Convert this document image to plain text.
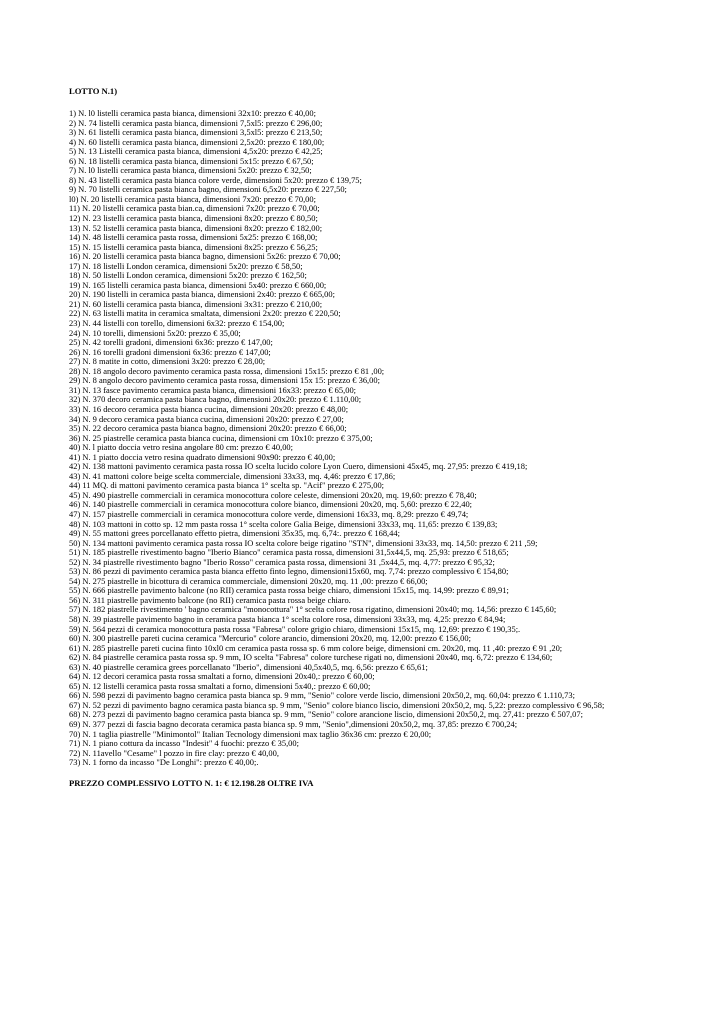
LOTTO N.1)
1) N. l0 listelli ceramica pasta bianca, dimensioni 32x10: prezzo € 40,00;
2) N. 74 listelli ceramica pasta bianca, dimensioni 7,5xl5: prezzo € 296,00;
3) N. 61 listelli ceramica pasta bianca, dimensioni 3,5xl5: prezzo € 213,50;
4) N. 60 listelli ceramica pasta bianca, dimensioni 2,5x20: prezzo € 180,00;
5) N. 13 Listelli ceramica pasta bianca, dimensioni 4,5x20: prezzo € 42,25;
6) N. 18 listelli ceramica pasta bianca, dimensioni 5x15: prezzo € 67,50;
7) N. l0 listelli ceramica pasta bianca, dimensioni 5x20: prezzo € 32,50;
8) N. 43 listelli ceramica pasta bianca colore verde, dimensioni 5x20: prezzo € 139,75;
9) N. 70 listelli ceramica pasta bianca bagno, dimensioni 6,5x20: prezzo € 227,50;
l0) N. 20 listelli ceramica pasta bianca, dimensioni 7x20: prezzo € 70,00;
11) N. 20 listelli ceramica pasta bian.ca, dimensioni 7x20: prezzo € 70,00;
12) N. 23 listelli ceramica pasta bianca, dimensioni 8x20: prezzo € 80,50;
13) N. 52 listelli ceramica pasta bianca, dimensioni 8x20: prezzo € 182,00;
14) N. 48 listelli ceramica pasta rossa, dimensioni 5x25: prezzo € 168,00;
15) N. 15 listelli ceramica pasta bianca, dimensioni 8x25: prezzo € 56,25;
16) N. 20 listelli ceramica pasta bianca bagno, dimensioni 5x26: prezzo € 70,00;
17) N. 18 listelli London ceramica, dimensioni 5x20: prezzo € 58,50;
18) N. 50 listelli London ceramica, dimensioni 5x20: prezzo € 162,50;
19) N. 165 listelli ceramica pasta bianca, dimensioni 5x40: prezzo € 660,00;
20) N. 190 listelli in ceramica pasta bianca, dimensioni 2x40: prezzo € 665,00;
21) N. 60 listelli ceramica pasta bianca, dimensioni 3x31: prezzo € 210,00;
22) N. 63 listelli matita in ceramica smaltata, dimensioni 2x20: prezzo € 220,50;
23) N. 44 listelli con torello, dimensioni 6x32: prezzo € 154,00;
24) N. 10 torelli, dimensioni 5x20: prezzo € 35,00;
25) N. 42 torelli gradoni, dimensioni 6x36: prezzo € 147,00;
26) N. 16 torelli gradoni dimensioni 6x36: prezzo € 147,00;
27) N. 8 matite in cotto, dimensioni 3x20: prezzo € 28,00;
28) N. 18 angolo decoro pavimento ceramica pasta rossa, dimensioni 15x15: prezzo € 81 ,00;
29) N. 8 angolo decoro pavimento ceramica pasta rossa, dimensioni 15x 15: prezzo € 36,00;
31) N. 13 fasce pavimento ceramica pasta bianca, dimensioni 16x33: prezzo € 65,00;
32) N. 370 decoro ceramica pasta bianca bagno, dimensioni 20x20: prezzo € 1.110,00;
33) N. 16 decoro ceramica pasta bianca cucina, dimensioni 20x20: prezzo € 48,00;
34) N. 9 decoro ceramica pasta bianca cucina, dimensioni 20x20: prezzo € 27,00;
35) N. 22 decoro ceramica pasta bianca bagno, dimensioni 20x20: prezzo € 66,00;
36) N. 25 piastrelle ceramica pasta bianca cucina, dimensioni cm 10x10: prezzo € 375,00;
40) N. l piatto doccia vetro resina angolare 80 cm: prezzo € 40,00;
41) N. 1 piatto doccia vetro resina quadrato dimensioni 90x90: prezzo € 40,00;
42) N. 138 mattoni pavimento ceramica pasta rossa IO scelta lucido colore Lyon Cuero, dimensioni 45x45, mq. 27,95: prezzo € 419,18;
43) N. 41 mattoni colore beige scelta commerciale, dimensioni 33x33, mq. 4,46: prezzo € 17,86;
44) 11 MQ. di mattoni pavimento ceramica pasta bianca 1° scelta sp. "Acif" prezzo € 275,00;
45) N. 490 piastrelle commerciali in ceramica monocottura colore celeste, dimensioni 20x20, mq. 19,60: prezzo € 78,40;
46) N. 140 piastrelle commerciali in ceramica monocottura colore bianco, dimensioni 20x20, mq. 5,60: prezzo € 22,40;
47) N. 157 piastrelle commerciali in ceramica monocottura colore verde, dimensioni 16x33, mq. 8,29: prezzo € 49,74;
48) N. 103 mattoni in cotto sp. 12 mm pasta rossa 1° scelta colore Galia Beige, dimensioni 33x33, mq. 11,65: prezzo € 139,83;
49) N. 55 mattoni grees porcellanato effetto pietra, dimensioni 35x35, mq. 6,74:. prezzo € 168,44;
50) N. 134 mattoni pavimento ceramica pasta rossa IO scelta colore beige rigatino "STN", dimensioni 33x33, mq. 14,50: prezzo € 211 ,59;
51) N. 185 piastrelle rivestimento bagno "Iberio Bianco" ceramica pasta rossa, dimensioni 31,5x44,5, mq. 25,93: prezzo € 518,65;
52) N. 34 piastrelle rivestimento bagno "Iberio Rosso" ceramica pasta rossa, dimensioni 31 ,5x44,5, mq. 4,77: prezzo € 95,32;
53) N. 86 pezzi di pavimento ceramica pasta bianca effetto finto legno, dimensioni15x60, mq. 7,74: prezzo complessivo € 154,80;
54) N. 275 piastrelle in bicottura di ceramica commerciale, dimensioni 20x20, mq. 11 ,00: prezzo € 66,00;
55) N. 666 piastrelle pavimento balcone (no RII) ceramica pasta rossa beige chiaro, dimensioni 15x15, mq. 14,99: prezzo € 89,91;
56) N. 311 piastrelle pavimento balcone (no RII) ceramica pasta rossa beige chiaro.
57) N. 182 piastrelle rivestimento ' bagno ceramica "monocottura" 1° scelta colore rosa rigatino, dimensioni 20x40; mq. 14,56: prezzo € 145,60;
58) N. 39 piastrelle pavimento bagno in ceramica pasta bianca 1° scelta colore rosa, dimensioni 33x33, mq. 4,25: prezzo € 84,94;
59) N. 564 pezzi di ceramica monocottura pasta rossa "Fabresa" colore grigio chiaro, dimensioni 15x15, mq. 12,69: prezzo € 190,35;.
60) N. 300 piastrelle pareti cucina ceramica "Mercurio" colore arancio, dimensioni 20x20, mq. 12,00: prezzo € 156,00;
61) N. 285 piastrelle pareti cucina finto 10xl0 cm ceramica pasta rossa sp. 6 mm colore beige, dimensioni cm. 20x20, mq. 11 ,40: prezzo € 91 ,20;
62) N. 84 piastrelle ceramica pasta rossa sp. 9 mm, IO scelta "Fabresa" colore turchese rigati no, dimensioni 20x40, mq. 6,72: prezzo € 134,60;
63) N. 40 piastrelle ceramica grees porcellanato "Iberio", dimensioni 40,5x40,5, mq. 6,56: prezzo € 65,61;
64) N. 12 decori ceramica pasta rossa smaltati a forno, dimensioni 20x40,: prezzo € 60,00;
65) N. 12 listelli ceramica pasta rossa smaltati a forno, dimensioni 5x40,: prezzo € 60,00;
66) N. 598 pezzi di pavimento bagno ceramica pasta bianca sp. 9 mm, "Senio" colore verde liscio, dimensioni 20x50,2, mq. 60,04: prezzo € 1.110,73;
67) N. 52 pezzi di pavimento bagno ceramica pasta bianca sp. 9 mm, "Senio" colore bianco liscio, dimensioni 20x50,2, mq. 5,22: prezzo complessivo € 96,58;
68) N. 273 pezzi di pavimento bagno ceramica pasta bianca sp. 9 mm, "Senio" colore arancione liscio, dimensioni 20x50,2, mq. 27,41: prezzo € 507,07;
69) N. 377 pezzi di fascia bagno decorata ceramica pasta bianca sp. 9 mm, "Senio",dimensioni 20x50,2, mq. 37,85: prezzo € 700,24;
70) N. 1 taglia piastrelle "Minimontol" Italian Tecnology dimensioni max taglio 36x36 cm: prezzo € 20,00;
71) N. 1 piano cottura da incasso "Indesit" 4 fuochi: prezzo € 35,00;
72) N. 11avello "Cesame" l pozzo in fire clay: prezzo € 40,00,
73) N. 1 forno da incasso "De Longhi": prezzo € 40,00;.
PREZZO COMPLESSIVO LOTTO N. 1: € 12.198.28 OLTRE IVA
